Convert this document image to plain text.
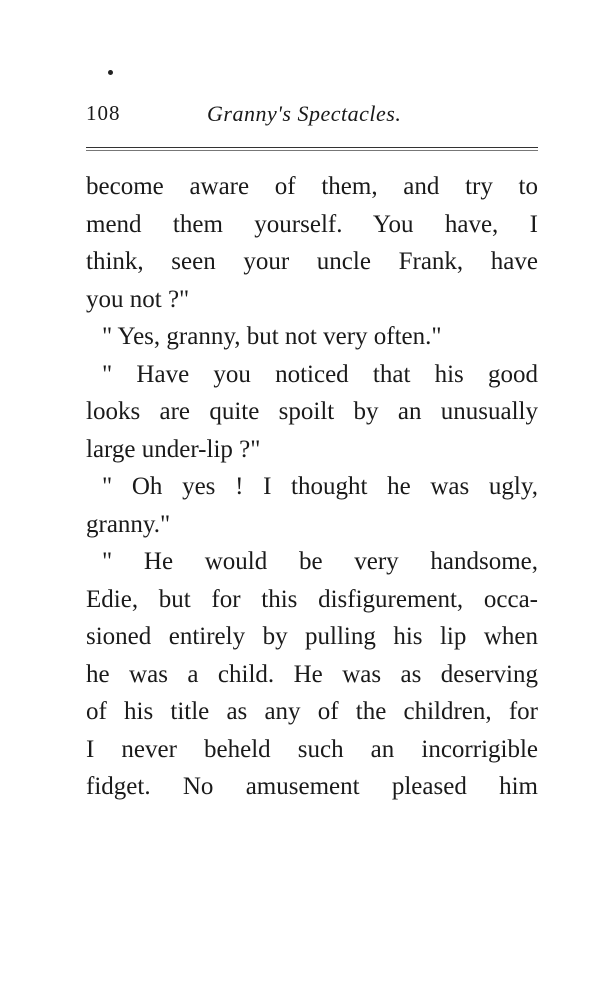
108	Granny's Spectacles.
become aware of them, and try to
mend them yourself. You have, I
think, seen your uncle Frank, have
you not ?"
" Yes, granny, but not very often."
" Have you noticed that his good
looks are quite spoilt by an unusually
large under-lip ?"
" Oh yes ! I thought he was ugly,
granny."
" He would be very handsome,
Edie, but for this disfigurement, occa-
sioned entirely by pulling his lip when
he was a child. He was as deserving
of his title as any of the children, for
I never beheld such an incorrigible
fidget. No amusement pleased him
